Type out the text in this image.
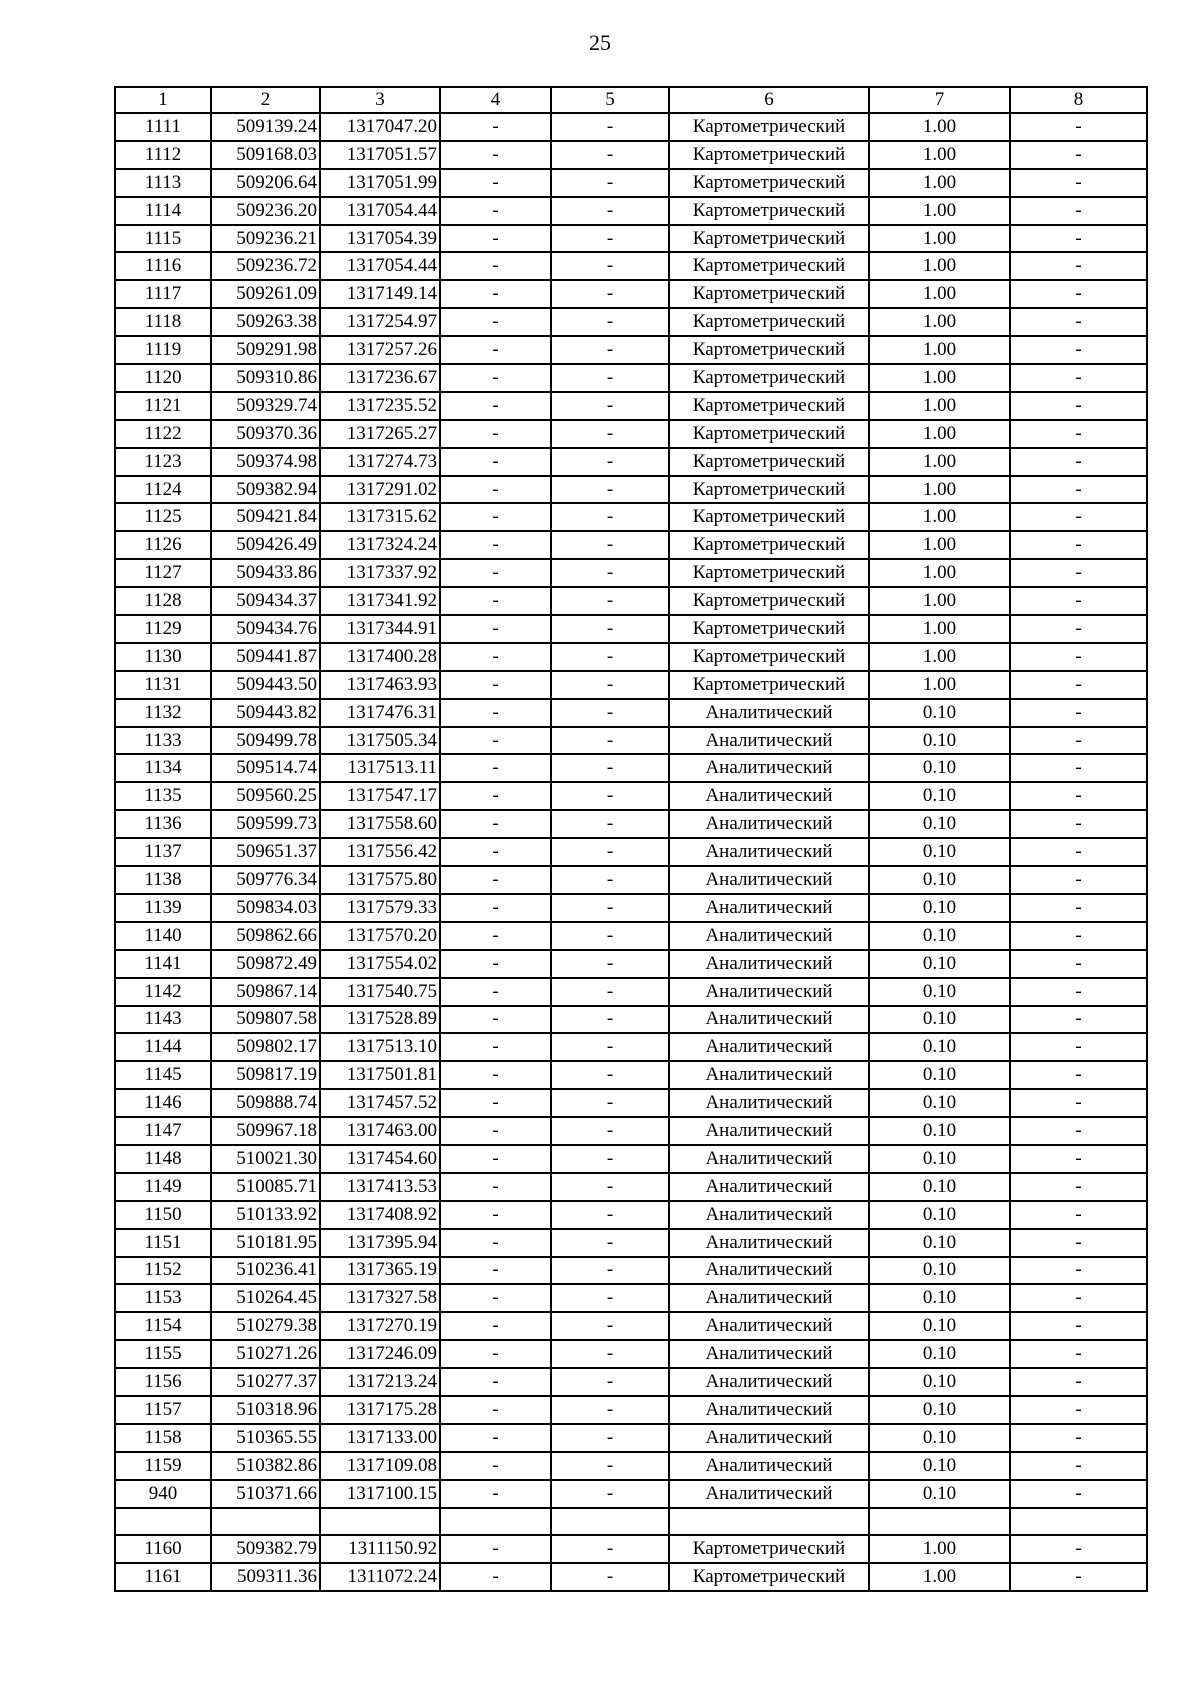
25
1	2	3	4	5	6	7	8
1111	509139.24	1317047.20	-	-	Картометрический	1.00	-
1112	509168.03	1317051.57	-	-	Картометрический	1.00	-
1113	509206.64	1317051.99	-	-	Картометрический	1.00	-
1114	509236.20	1317054.44	-	-	Картометрический	1.00	-
1115	509236.21	1317054.39	-	-	Картометрический	1.00	-
1116	509236.72	1317054.44	-	-	Картометрический	1.00	-
1117	509261.09	1317149.14	-	-	Картометрический	1.00	-
1118	509263.38	1317254.97	-	-	Картометрический	1.00	-
1119	509291.98	1317257.26	-	-	Картометрический	1.00	-
1120	509310.86	1317236.67	-	-	Картометрический	1.00	-
1121	509329.74	1317235.52	-	-	Картометрический	1.00	-
1122	509370.36	1317265.27	-	-	Картометрический	1.00	-
1123	509374.98	1317274.73	-	-	Картометрический	1.00	-
1124	509382.94	1317291.02	-	-	Картометрический	1.00	-
1125	509421.84	1317315.62	-	-	Картометрический	1.00	-
1126	509426.49	1317324.24	-	-	Картометрический	1.00	-
1127	509433.86	1317337.92	-	-	Картометрический	1.00	-
1128	509434.37	1317341.92	-	-	Картометрический	1.00	-
1129	509434.76	1317344.91	-	-	Картометрический	1.00	-
1130	509441.87	1317400.28	-	-	Картометрический	1.00	-
1131	509443.50	1317463.93	-	-	Картометрический	1.00	-
1132	509443.82	1317476.31	-	-	Аналитический	0.10	-
1133	509499.78	1317505.34	-	-	Аналитический	0.10	-
1134	509514.74	1317513.11	-	-	Аналитический	0.10	-
1135	509560.25	1317547.17	-	-	Аналитический	0.10	-
1136	509599.73	1317558.60	-	-	Аналитический	0.10	-
1137	509651.37	1317556.42	-	-	Аналитический	0.10	-
1138	509776.34	1317575.80	-	-	Аналитический	0.10	-
1139	509834.03	1317579.33	-	-	Аналитический	0.10	-
1140	509862.66	1317570.20	-	-	Аналитический	0.10	-
1141	509872.49	1317554.02	-	-	Аналитический	0.10	-
1142	509867.14	1317540.75	-	-	Аналитический	0.10	-
1143	509807.58	1317528.89	-	-	Аналитический	0.10	-
1144	509802.17	1317513.10	-	-	Аналитический	0.10	-
1145	509817.19	1317501.81	-	-	Аналитический	0.10	-
1146	509888.74	1317457.52	-	-	Аналитический	0.10	-
1147	509967.18	1317463.00	-	-	Аналитический	0.10	-
1148	510021.30	1317454.60	-	-	Аналитический	0.10	-
1149	510085.71	1317413.53	-	-	Аналитический	0.10	-
1150	510133.92	1317408.92	-	-	Аналитический	0.10	-
1151	510181.95	1317395.94	-	-	Аналитический	0.10	-
1152	510236.41	1317365.19	-	-	Аналитический	0.10	-
1153	510264.45	1317327.58	-	-	Аналитический	0.10	-
1154	510279.38	1317270.19	-	-	Аналитический	0.10	-
1155	510271.26	1317246.09	-	-	Аналитический	0.10	-
1156	510277.37	1317213.24	-	-	Аналитический	0.10	-
1157	510318.96	1317175.28	-	-	Аналитический	0.10	-
1158	510365.55	1317133.00	-	-	Аналитический	0.10	-
1159	510382.86	1317109.08	-	-	Аналитический	0.10	-
940	510371.66	1317100.15	-	-	Аналитический	0.10	-

1160	509382.79	1311150.92	-	-	Картометрический	1.00	-
1161	509311.36	1311072.24	-	-	Картометрический	1.00	-
